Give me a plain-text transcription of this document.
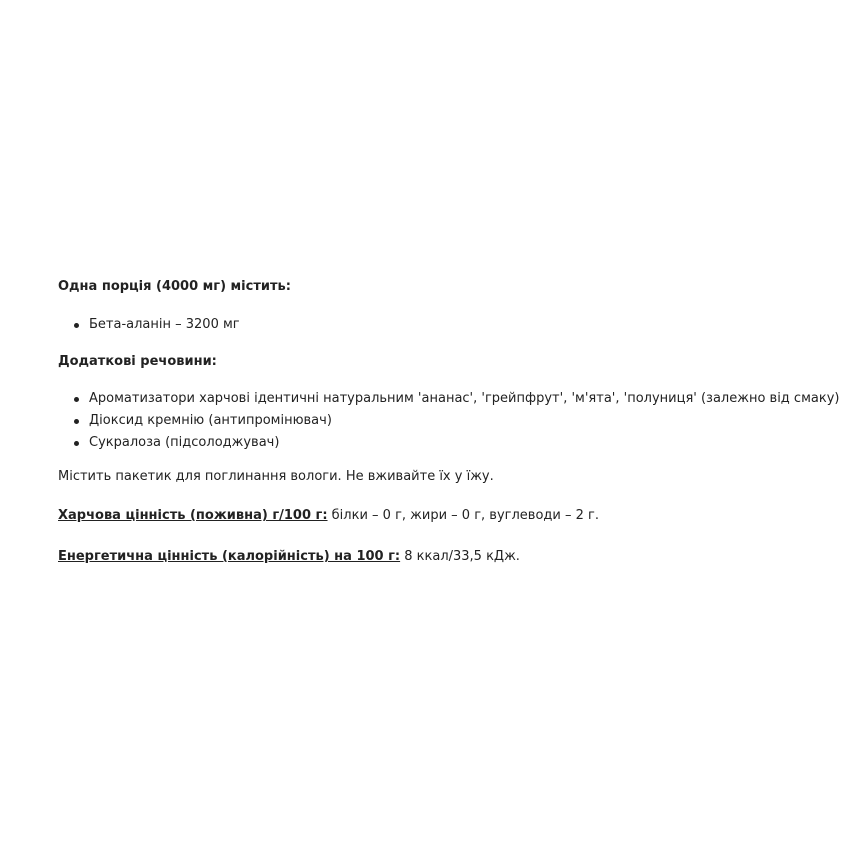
Одна порція (4000 мг) містить:

Бета-аланін – 3200 мг

Додаткові речовини:

Ароматизатори харчові ідентичні натуральним 'ананас', 'грейпфрут', 'м'ята', 'полуниця' (залежно від смаку)
Діоксид кремнію (антипромінювач)
Сукралоза (підсолоджувач)

Містить пакетик для поглинання вологи. Не вживайте їх у їжу.

Харчова цінність (поживна) г/100 г: білки – 0 г, жири – 0 г, вуглеводи – 2 г.

Енергетична цінність (калорійність) на 100 г: 8 ккал/33,5 кДж.
